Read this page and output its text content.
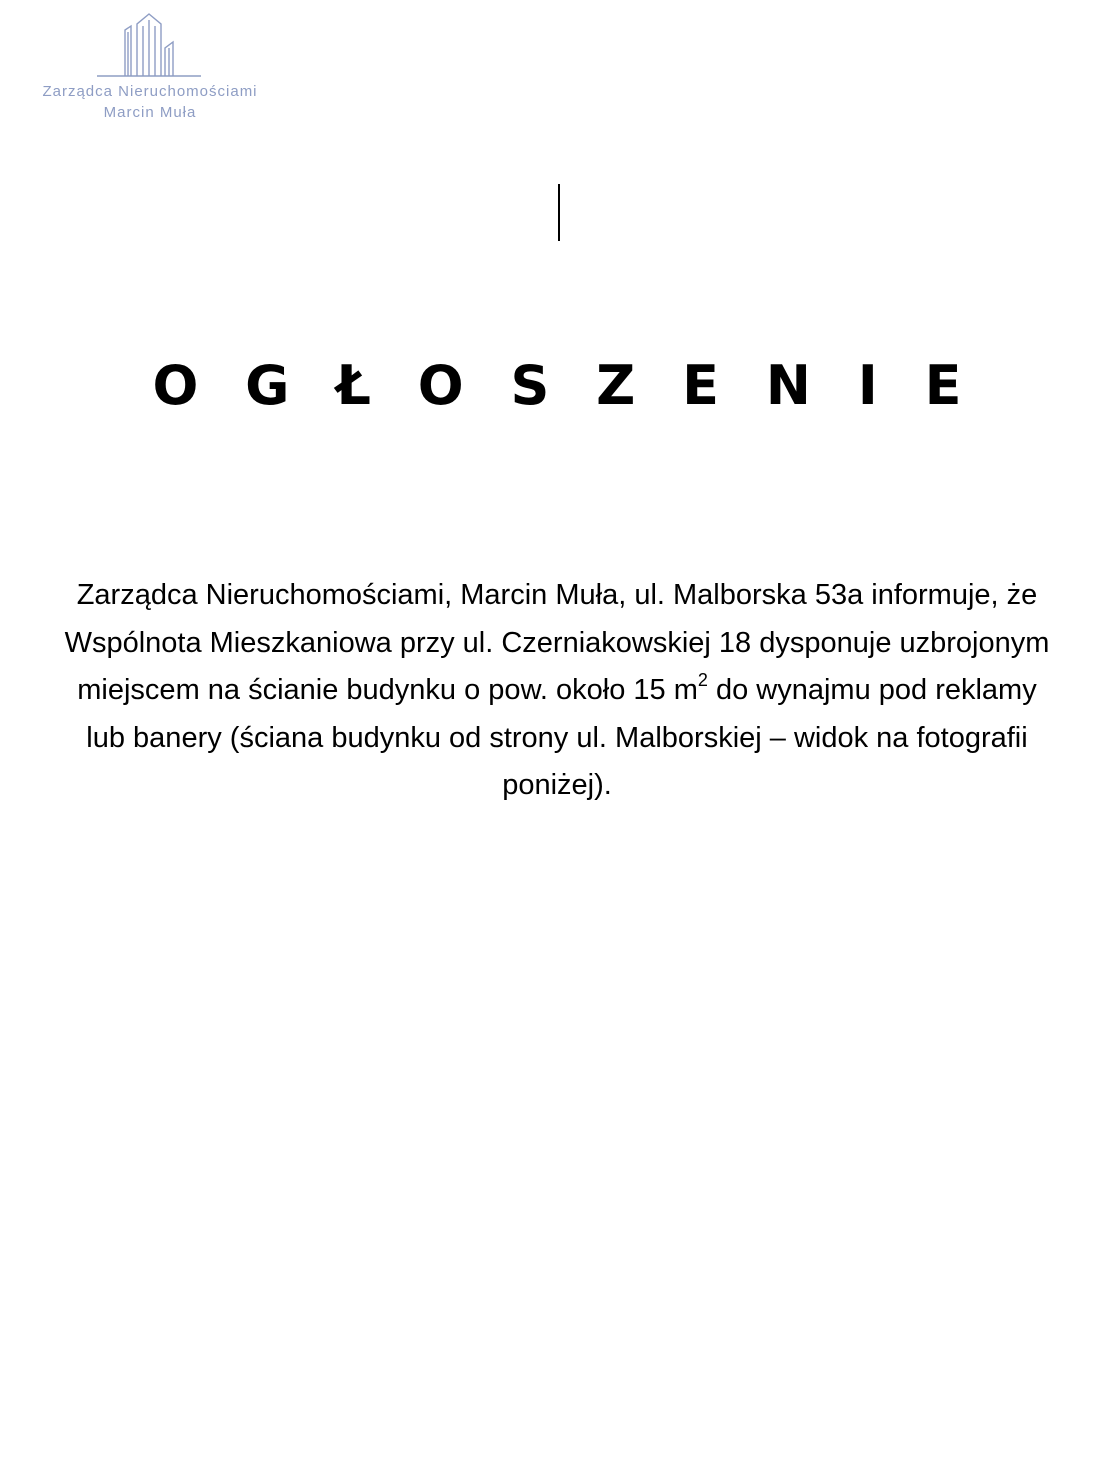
Zarządca Nieruchomościami
Marcin Muła
O G Ł O S Z E N I E

Zarządca Nieruchomościami, Marcin Muła, ul. Malborska 53a informuje, że Wspólnota Mieszkaniowa przy ul. Czerniakowskiej 18 dysponuje uzbrojonym miejscem na ścianie budynku o pow. około 15 $m^2$ do wynajmu pod reklamy lub banery (ściana budynku od strony ul. Malborskiej – widok na fotografii poniżej).
